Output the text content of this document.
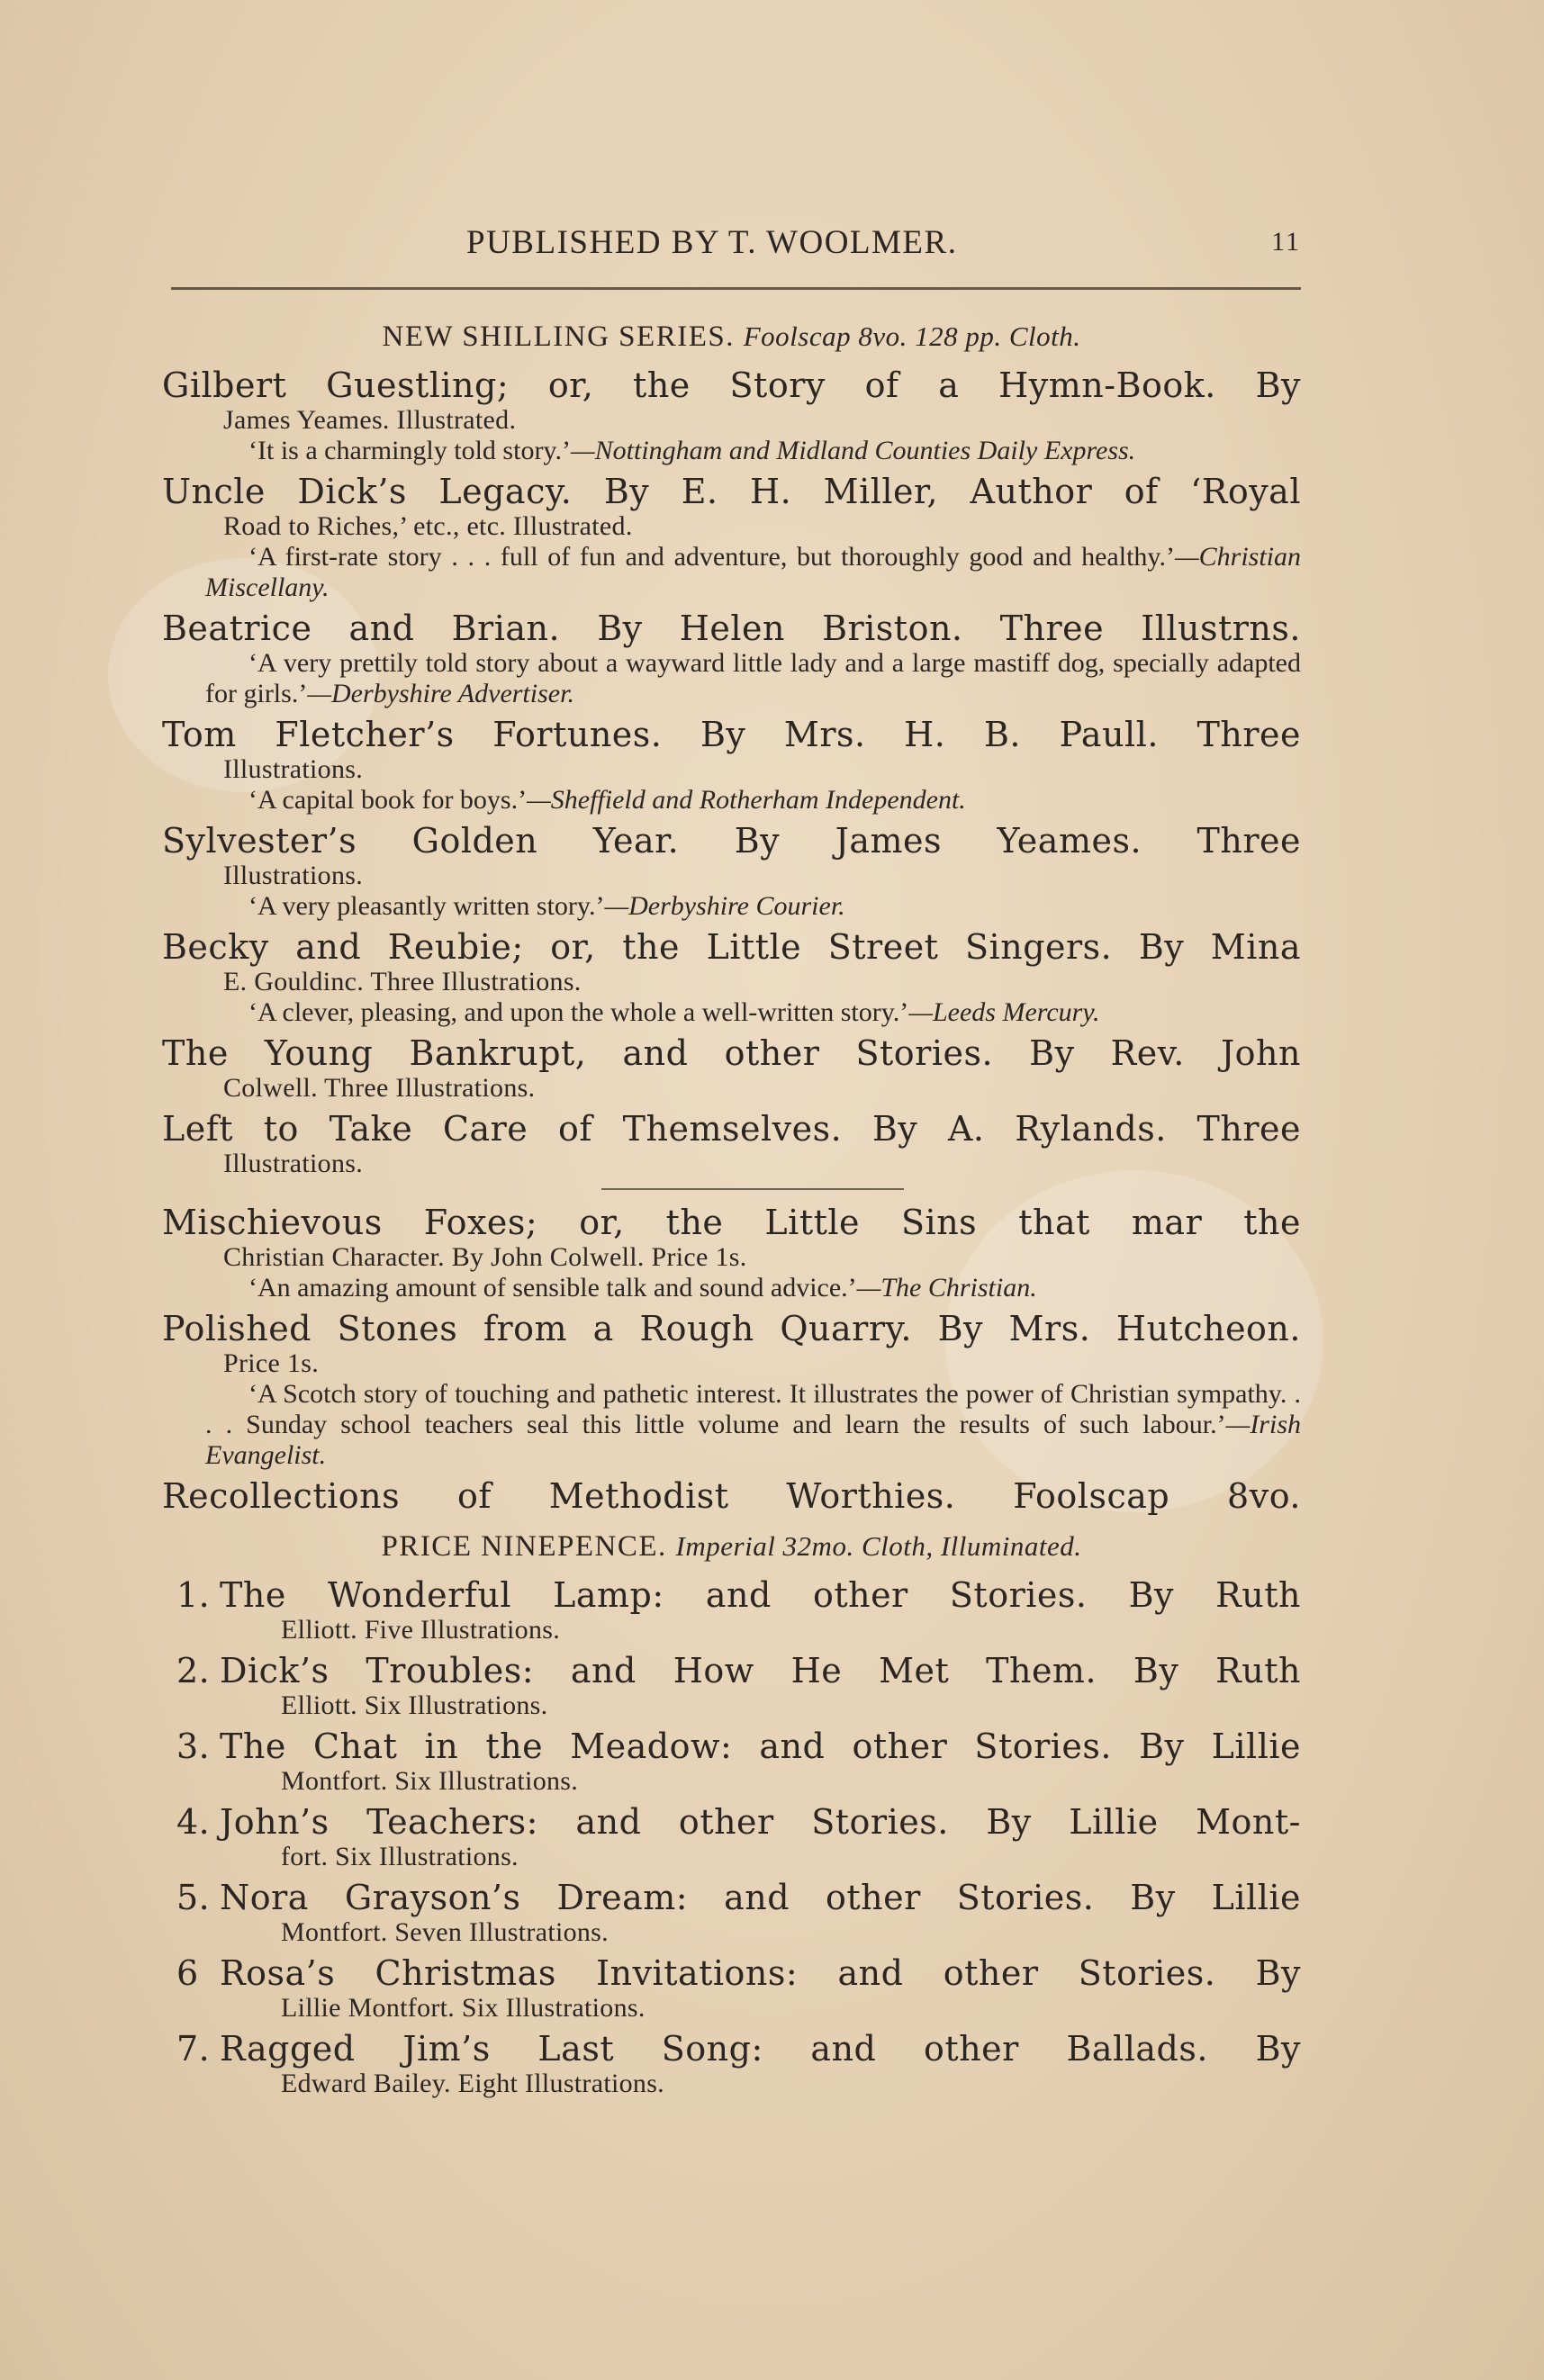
PUBLISHED BY T. WOOLMER.	11
NEW SHILLING SERIES. Foolscap 8vo. 128 pp. Cloth.
Gilbert Guestling; or, the Story of a Hymn-Book. By
James Yeames. Illustrated.
‘It is a charmingly told story.’—Nottingham and Midland Counties Daily Express.
Uncle Dick’s Legacy. By E. H. Miller, Author of ‘Royal
Road to Riches,’ etc., etc. Illustrated.
‘A first-rate story . . . full of fun and adventure, but thoroughly good and healthy.’—Christian Miscellany.
Beatrice and Brian. By Helen Briston. Three Illustrns.
‘A very prettily told story about a wayward little lady and a large mastiff dog, specially adapted for girls.’—Derbyshire Advertiser.
Tom Fletcher’s Fortunes. By Mrs. H. B. Paull. Three
Illustrations.
‘A capital book for boys.’—Sheffield and Rotherham Independent.
Sylvester’s Golden Year. By James Yeames. Three
Illustrations.
‘A very pleasantly written story.’—Derbyshire Courier.
Becky and Reubie; or, the Little Street Singers. By Mina
E. Gouldinc. Three Illustrations.
‘A clever, pleasing, and upon the whole a well-written story.’—Leeds Mercury.
The Young Bankrupt, and other Stories. By Rev. John
Colwell. Three Illustrations.
Left to Take Care of Themselves. By A. Rylands. Three
Illustrations.
Mischievous Foxes; or, the Little Sins that mar the
Christian Character. By John Colwell. Price 1s.
‘An amazing amount of sensible talk and sound advice.’—The Christian.
Polished Stones from a Rough Quarry. By Mrs. Hutcheon.
Price 1s.
‘A Scotch story of touching and pathetic interest. It illustrates the power of Christian sympathy. . . . Sunday school teachers seal this little volume and learn the results of such labour.’—Irish Evangelist.
Recollections of Methodist Worthies. Foolscap 8vo.
PRICE NINEPENCE. Imperial 32mo. Cloth, Illuminated.
1. The Wonderful Lamp: and other Stories. By Ruth
Elliott. Five Illustrations.
2. Dick’s Troubles: and How He Met Them. By Ruth
Elliott. Six Illustrations.
3. The Chat in the Meadow: and other Stories. By Lillie
Montfort. Six Illustrations.
4. John’s Teachers: and other Stories. By Lillie Mont-
fort. Six Illustrations.
5. Nora Grayson’s Dream: and other Stories. By Lillie
Montfort. Seven Illustrations.
6 Rosa’s Christmas Invitations: and other Stories. By
Lillie Montfort. Six Illustrations.
7. Ragged Jim’s Last Song: and other Ballads. By
Edward Bailey. Eight Illustrations.
